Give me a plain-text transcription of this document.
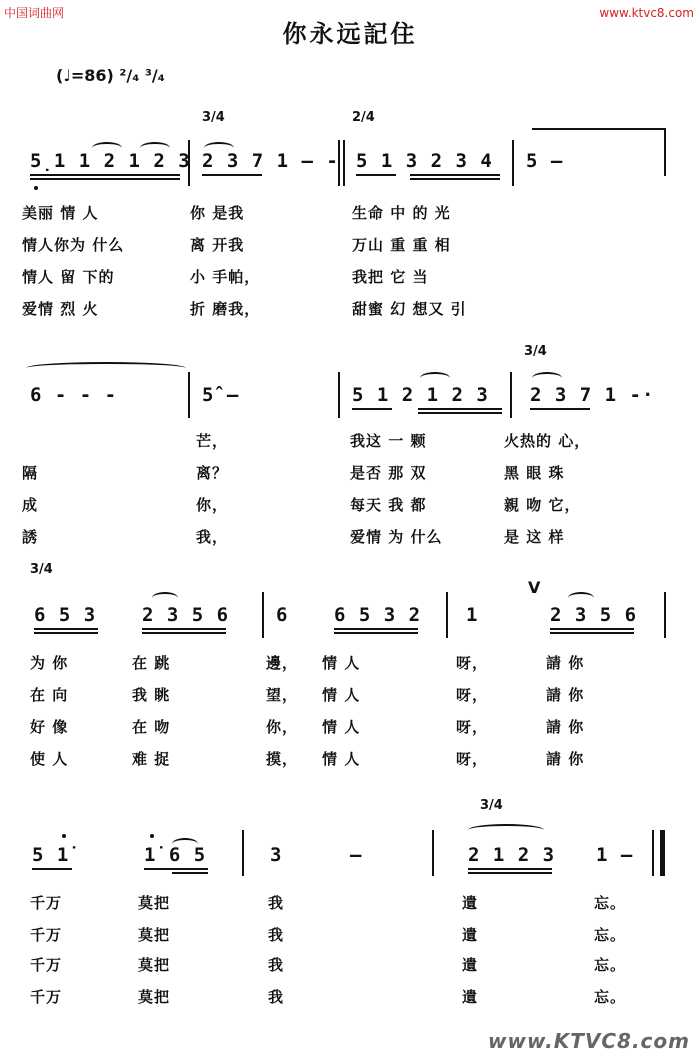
中国词曲网	www.ktvc8.com
你永远記住
(♩=86) ²/₄ ³/₄
3/4	2/4
5̣1 1 2 1 2 3 2 3 7 1 — - 5 1 3 2 3 4 5 —
美丽 情 人	你 是我	生命 中 的 光
情人你为 什么	离 开我	万山 重 重 相
情人 留 下的	小 手帕，	我把 它 当
爱情 烈 火	折 磨我，	甜蜜 幻 想又 引
3/4
6 - - -	5̂ —	5 1 2 1 2 3 2 3 7 1 -·
芒，	我这 一 颗	火热的 心，
隔	离？	是否 那 双	黑 眼 珠
成	你，	每天 我 都	親 吻 它，
誘	我，	爱情 为 什么	是 这 样
3/4
V
6 5 3 2 3 5 6 6 6 5 3 2 1	2 3 5 6
为 你	在 跳	邊， 情 人	呀，	請 你
在 向	我 眺	望， 情 人	呀，	請 你
好 像	在 吻	你， 情 人	呀，	請 你
使 人	难 捉	摸， 情 人	呀，	請 你
3/4
5 1̇	1̇ 6 5	3	—	2 1 2 3 1 —
千万	莫把	我	遺	忘。
千万	莫把	我	遺	忘。
千万	莫把	我	遺	忘。
千万	莫把	我	遺	忘。
www.KTVC8.com
